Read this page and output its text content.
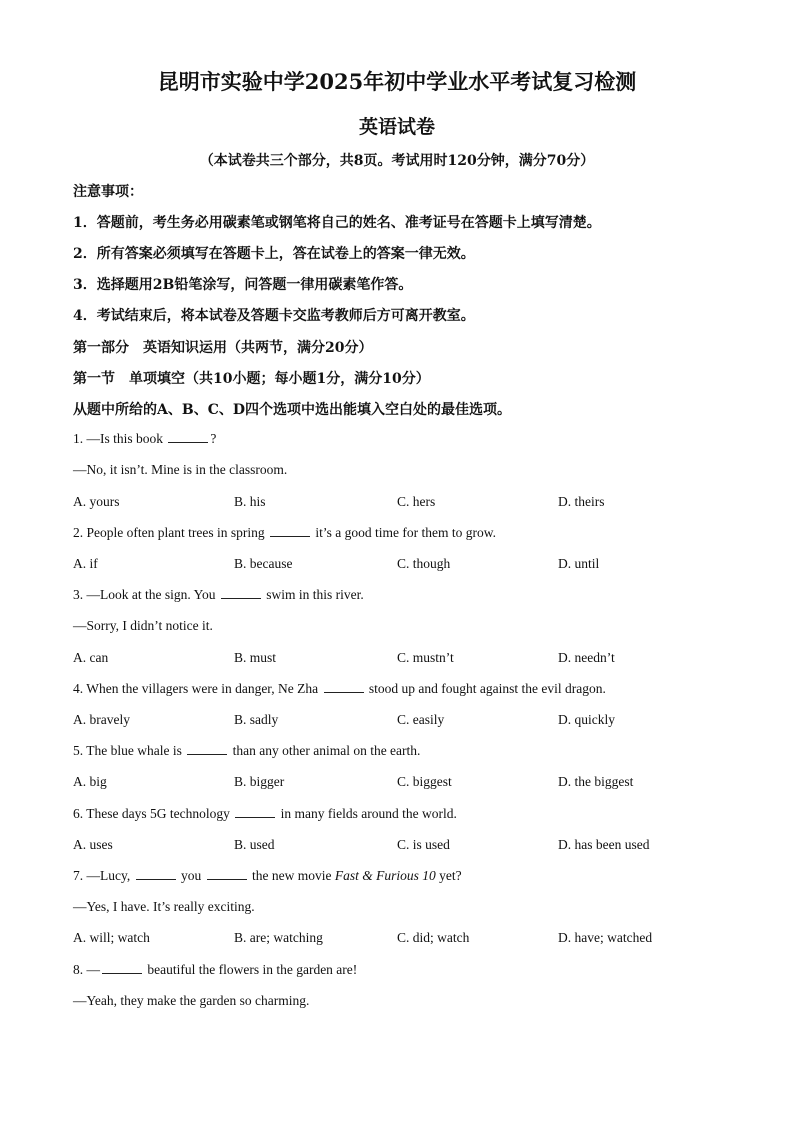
昆明市实验中学2025年初中学业水平考试复习检测
英语试卷
（本试卷共三个部分，共8页。考试用时120分钟，满分70分）
注意事项：
1．答题前，考生务必用碳素笔或钢笔将自己的姓名、准考证号在答题卡上填写清楚。
2．所有答案必须填写在答题卡上，答在试卷上的答案一律无效。
3．选择题用2B铅笔涂写，问答题一律用碳素笔作答。
4．考试结束后，将本试卷及答题卡交监考教师后方可离开教室。
第一部分　英语知识运用（共两节，满分20分）
第一节　单项填空（共10小题；每小题1分，满分10分）
从题中所给的A、B、C、D四个选项中选出能填入空白处的最佳选项。
1. —Is this book	?
—No, it isn’t. Mine is in the classroom.
A. yours	B. his	C. hers	D. theirs
2. People often plant trees in spring	it’s a good time for them to grow.
A. if	B. because	C. though	D. until
3. —Look at the sign. You	swim in this river.
—Sorry, I didn’t notice it.
A. can	B. must	C. mustn’t	D. needn’t
4. When the villagers were in danger, Ne Zha	stood up and fought against the evil dragon.
A. bravely	B. sadly	C. easily	D. quickly
5. The blue whale is	than any other animal on the earth.
A. big	B. bigger	C. biggest	D. the biggest
6. These days 5G technology	in many fields around the world.
A. uses	B. used	C. is used	D. has been used
7. —Lucy,	you	the new movie Fast & Furious 10 yet?
—Yes, I have. It’s really exciting.
A. will; watch	B. are; watching	C. did; watch	D. have; watched
8. —	beautiful the flowers in the garden are!
—Yeah, they make the garden so charming.
